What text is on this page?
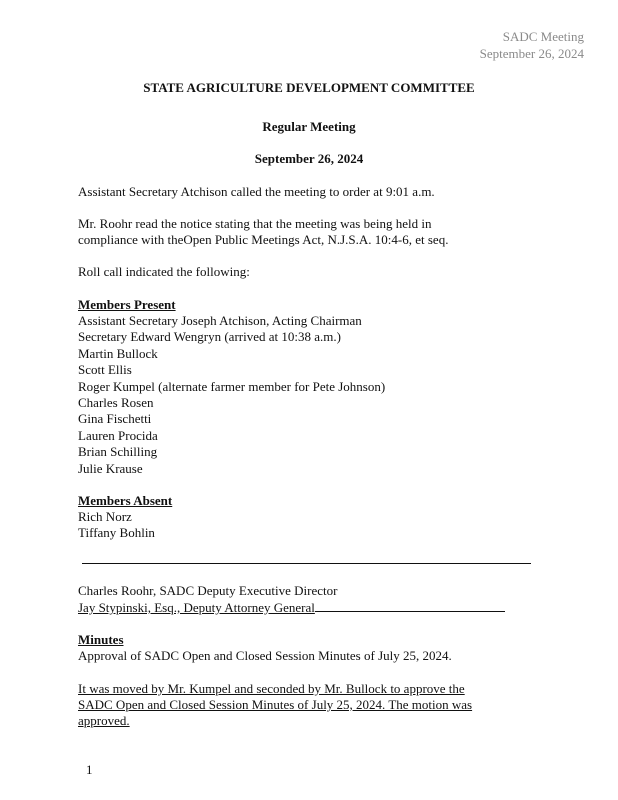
SADC Meeting
September 26, 2024
STATE AGRICULTURE DEVELOPMENT COMMITTEE
Regular Meeting
September 26, 2024
Assistant Secretary Atchison called the meeting to order at 9:01 a.m.
Mr. Roohr read the notice stating that the meeting was being held in
compliance with theOpen Public Meetings Act, N.J.S.A. 10:4-6, et seq.
Roll call indicated the following:
Members Present
Assistant Secretary Joseph Atchison, Acting Chairman
Secretary Edward Wengryn (arrived at 10:38 a.m.)
Martin Bullock
Scott Ellis
Roger Kumpel (alternate farmer member for Pete Johnson)
Charles Rosen
Gina Fischetti
Lauren Procida
Brian Schilling
Julie Krause
Members Absent
Rich Norz
Tiffany Bohlin
Charles Roohr, SADC Deputy Executive Director
Jay Stypinski, Esq., Deputy Attorney General
Minutes
Approval of SADC Open and Closed Session Minutes of July 25, 2024.
It was moved by Mr. Kumpel and seconded by Mr. Bullock to approve the
SADC Open and Closed Session Minutes of July 25, 2024. The motion was
approved.
1
